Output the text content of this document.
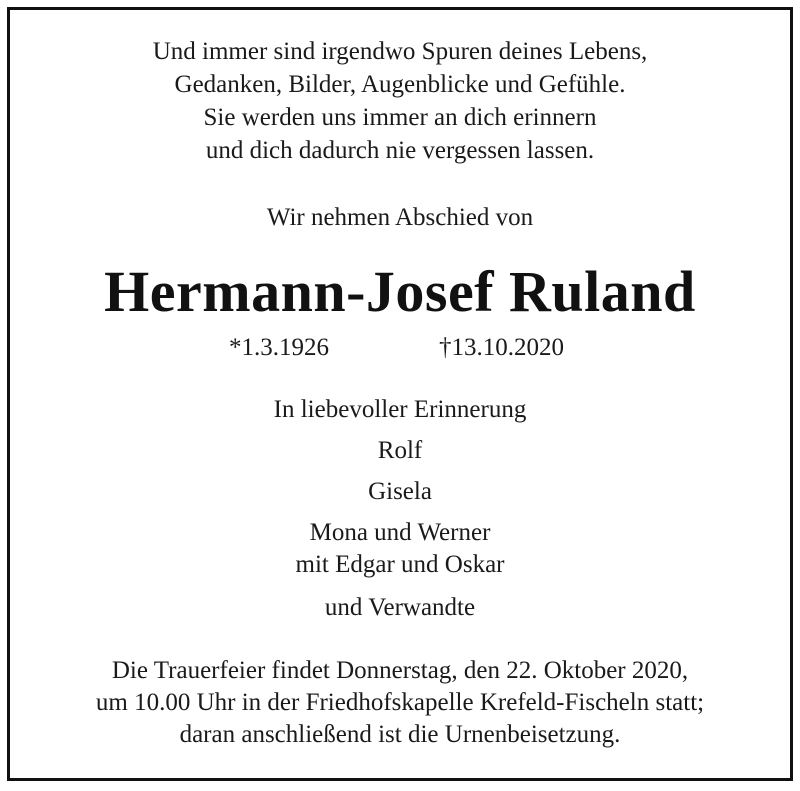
Und immer sind irgendwo Spuren deines Lebens,
Gedanken, Bilder, Augenblicke und Gefühle.
Sie werden uns immer an dich erinnern
und dich dadurch nie vergessen lassen.
Wir nehmen Abschied von
Hermann-Josef Ruland
*1.3.1926	†13.10.2020
In liebevoller Erinnerung
Rolf
Gisela
Mona und Werner
mit Edgar und Oskar
und Verwandte
Die Trauerfeier findet Donnerstag, den 22. Oktober 2020,
um 10.00 Uhr in der Friedhofskapelle Krefeld-Fischeln statt;
daran anschließend ist die Urnenbeisetzung.
